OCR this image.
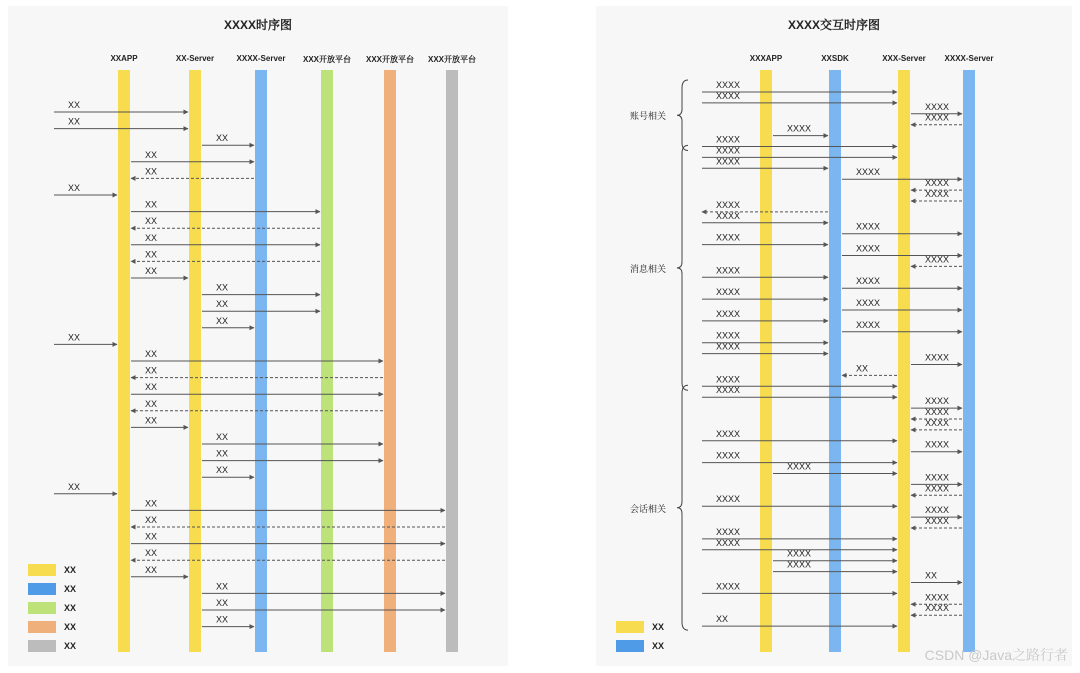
XXXX时序图
XXAPP	XX-Server	XXXX-Server	XXX开放平台	XXX开放平台	XXX开放平台
XX
XX
XX
XX
XX
XX
XX
XX
XX
XX
XX
XX
XX
XX
XX
XX
XX
XX
XX
XX
XX
XX
XX
XX
XX
XX
XX
XX
XX
XX
XX
XX
XX
XX
XX
XX
XX
XXXX交互时序图
XXXAPP	XXSDK	XXX-Server	XXXX-Server
账号相关
消息相关
会话相关
XXXX
XXXX
XXXX
XXXX
XXXX
XXXX
XXXX
XXXX
XXXX
XXXX
XXXX
XXXX
XXXX
XXXX
XXXX
XXXX
XXXX
XXXX
XXXX
XXXX
XXXX
XXXX
XXXX
XXXX
XXXX
XXXX
XX
XXXX
XXXX
XXXX
XXXX
XXXX
XXXX
XXXX
XXXX
XXXX
XXXX
XXXX
XXXX
XXXX
XXXX
XXXX
XXXX
XXXX
XXXX
XX
XXXX
XXXX
XXXX
XX
XX
XX
CSDN @Java之路行者
